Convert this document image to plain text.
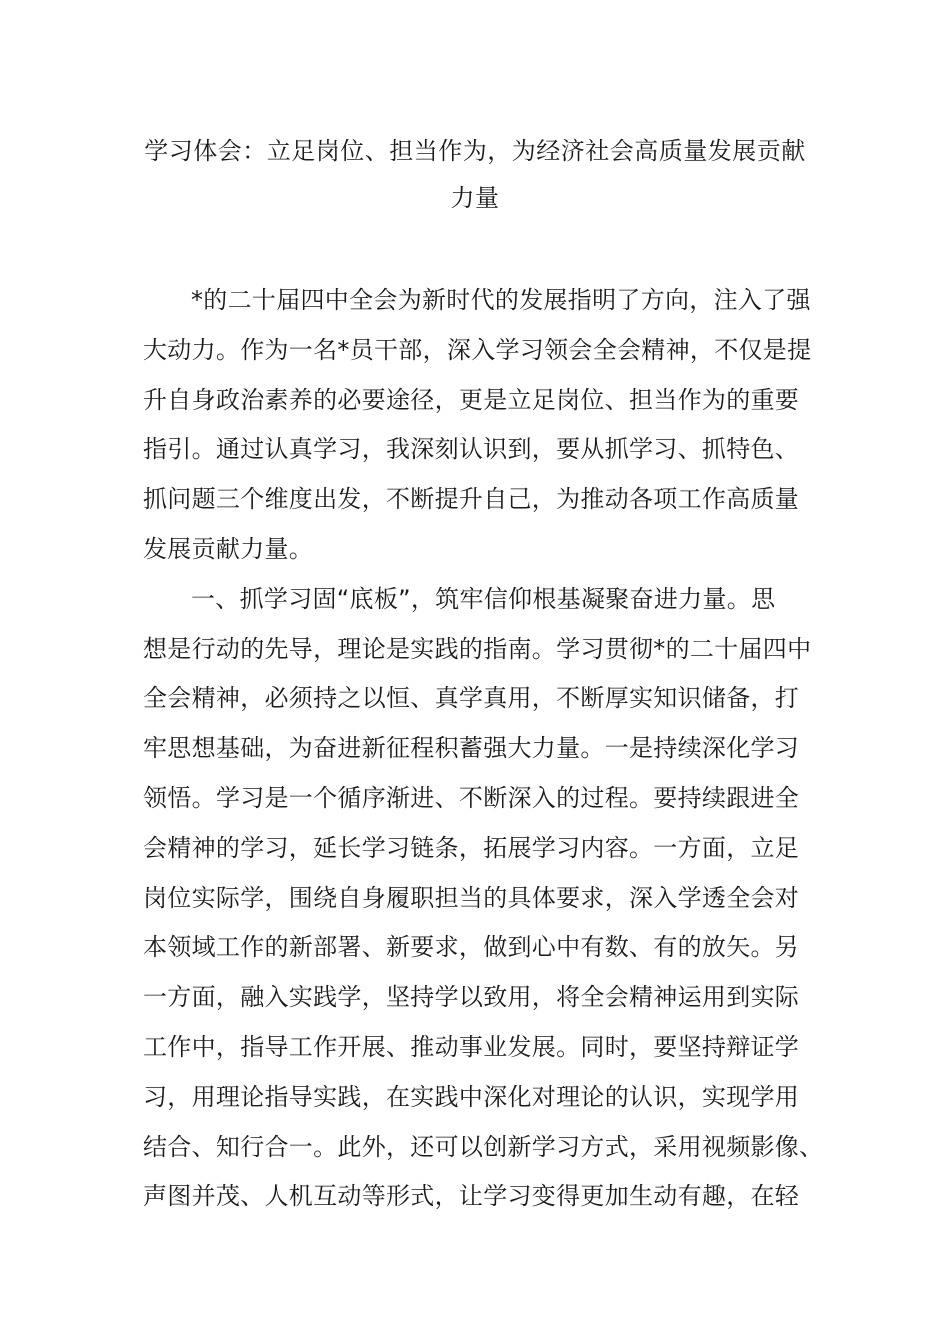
学习体会：立足岗位、担当作为，为经济社会高质量发展贡献
力量
*的二十届四中全会为新时代的发展指明了方向，注入了强
大动力。作为一名*员干部，深入学习领会全会精神，不仅是提
升自身政治素养的必要途径，更是立足岗位、担当作为的重要
指引。通过认真学习，我深刻认识到，要从抓学习、抓特色、
抓问题三个维度出发，不断提升自己，为推动各项工作高质量
发展贡献力量。
一、抓学习固“底板”，筑牢信仰根基凝聚奋进力量。思
想是行动的先导，理论是实践的指南。学习贯彻*的二十届四中
全会精神，必须持之以恒、真学真用，不断厚实知识储备，打
牢思想基础，为奋进新征程积蓄强大力量。一是持续深化学习
领悟。学习是一个循序渐进、不断深入的过程。要持续跟进全
会精神的学习，延长学习链条，拓展学习内容。一方面，立足
岗位实际学，围绕自身履职担当的具体要求，深入学透全会对
本领域工作的新部署、新要求，做到心中有数、有的放矢。另
一方面，融入实践学，坚持学以致用，将全会精神运用到实际
工作中，指导工作开展、推动事业发展。同时，要坚持辩证学
习，用理论指导实践，在实践中深化对理论的认识，实现学用
结合、知行合一。此外，还可以创新学习方式，采用视频影像、
声图并茂、人机互动等形式，让学习变得更加生动有趣，在轻
